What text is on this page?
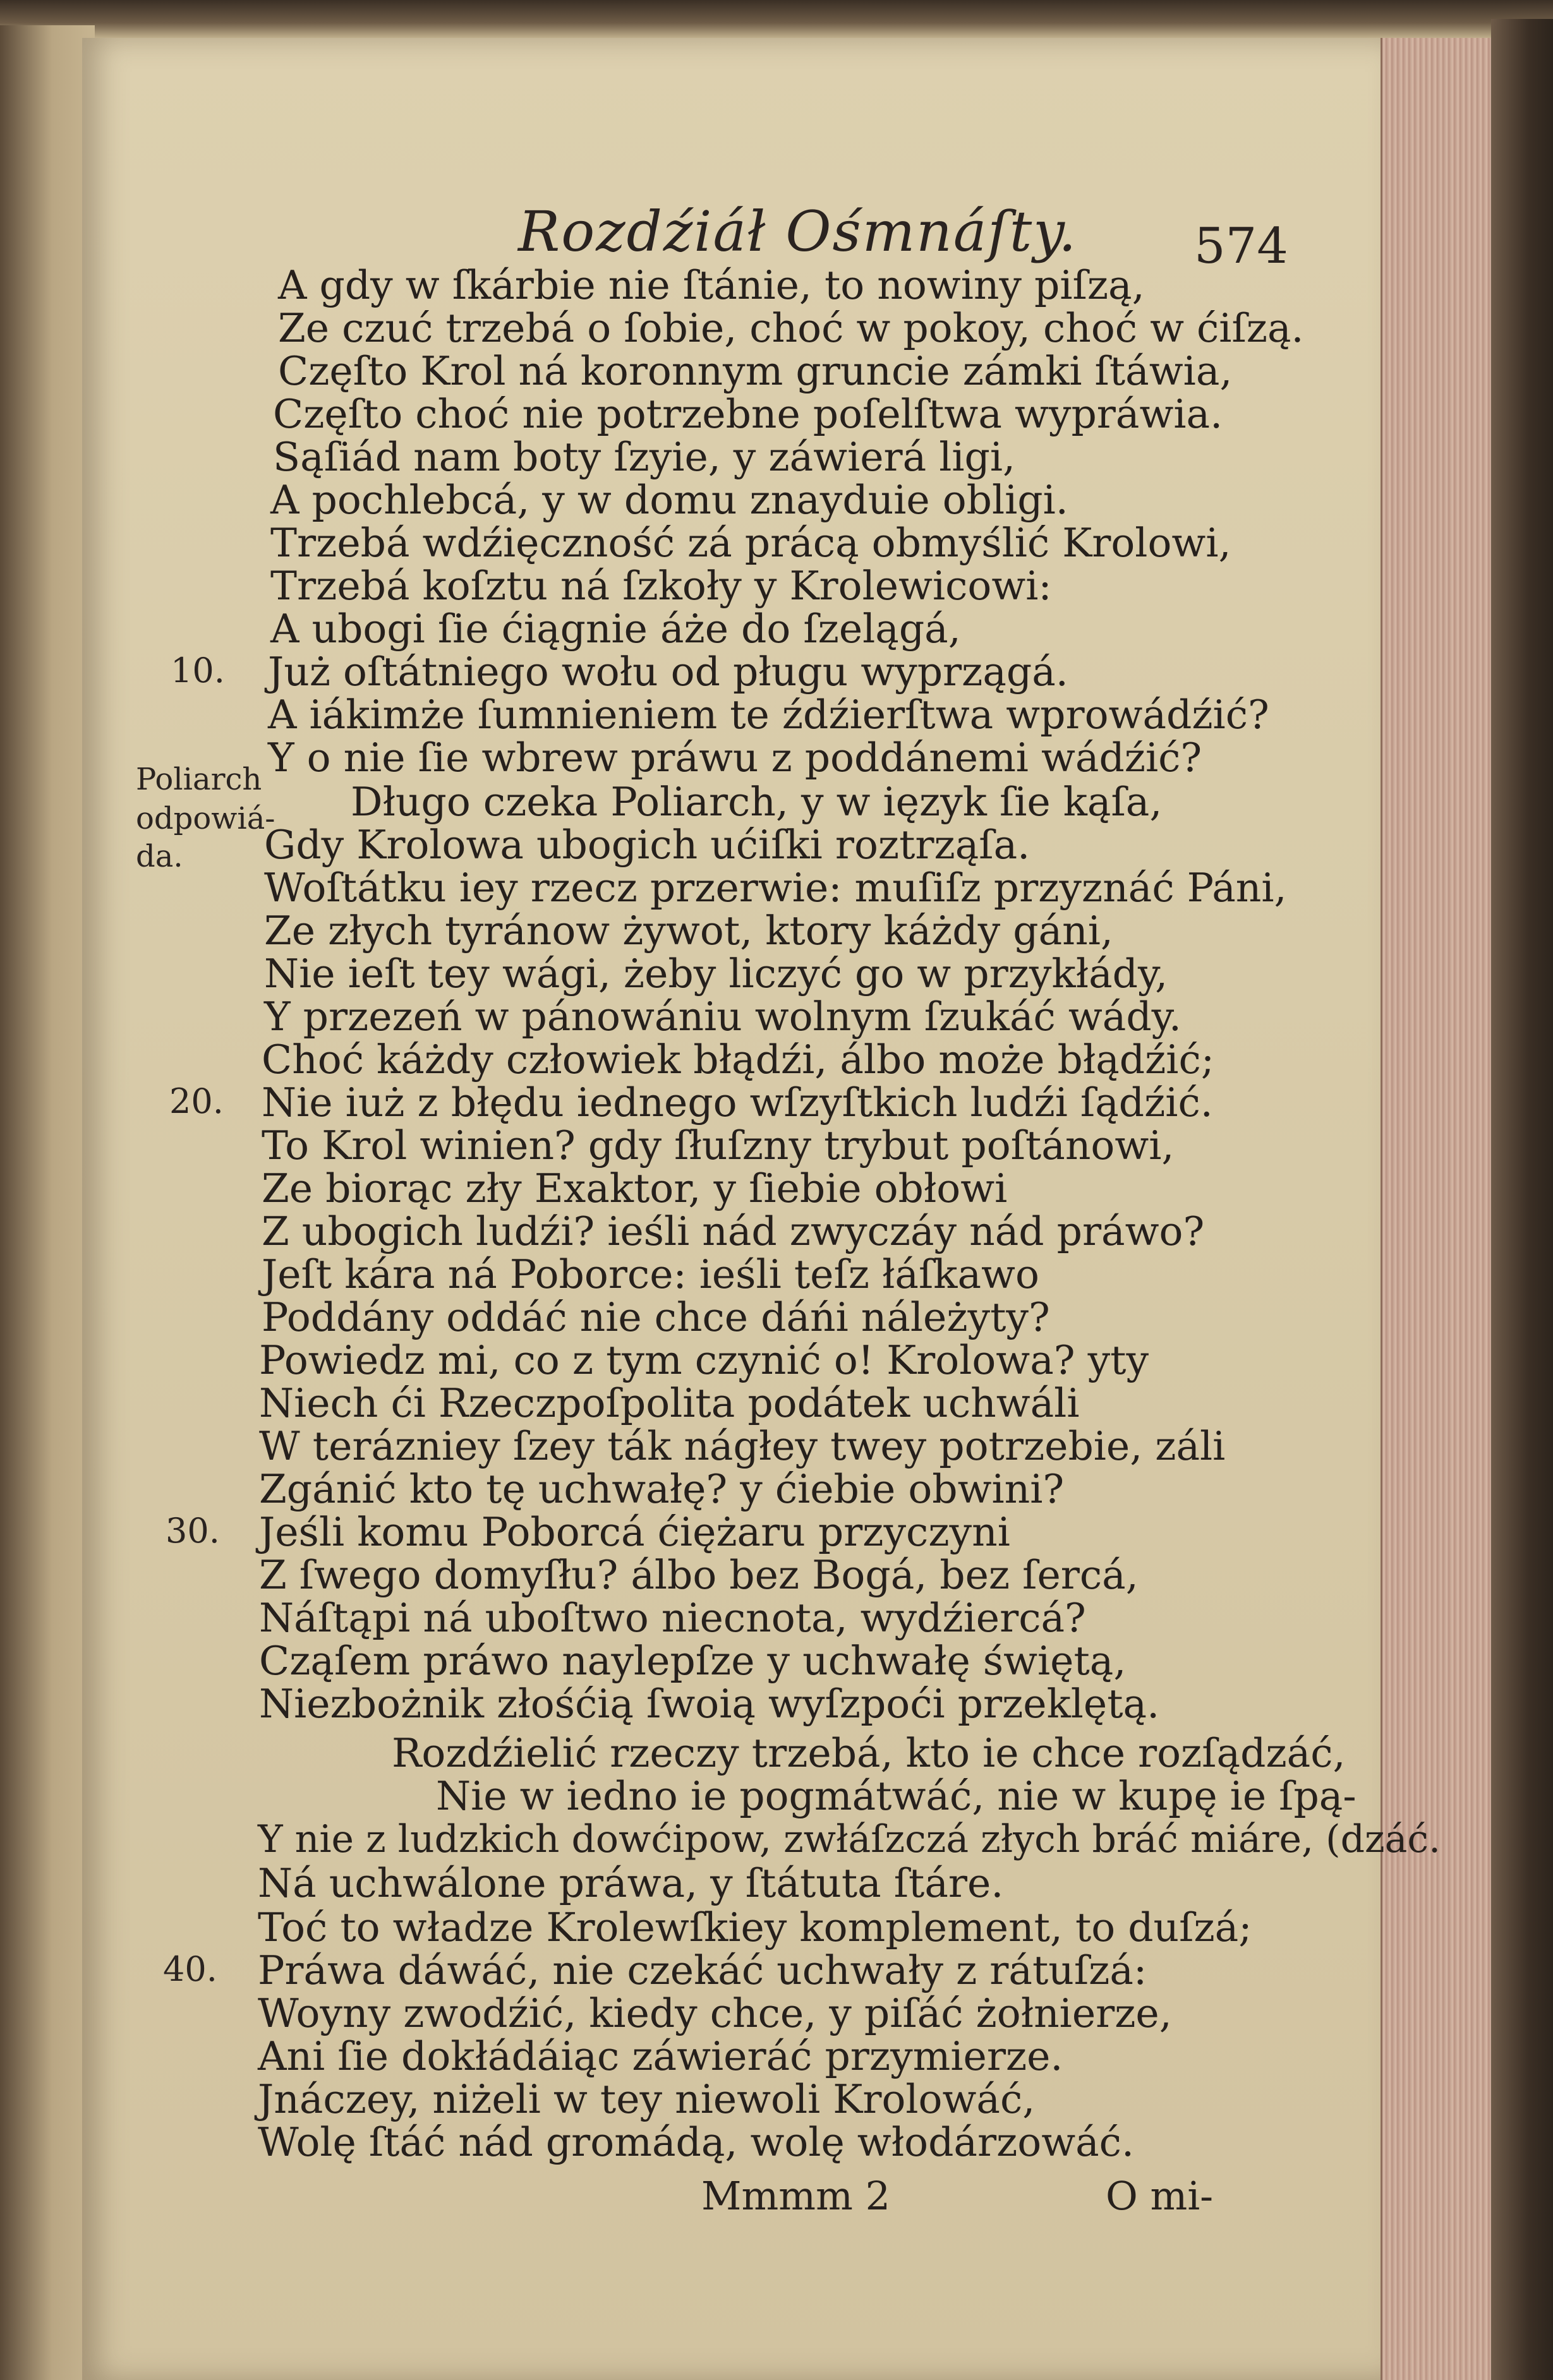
Rozdźiáł Ośmnáſty. 574
A gdy w ſkárbie nie ſtánie, to nowiny piſzą,
Ze czuć trzebá o ſobie, choć w pokoy, choć w ćiſzą.
Częſto Krol ná koronnym gruncie zámki ſtáwia,
Częſto choć nie potrzebne poſelſtwa wypráwia.
Sąſiád nam boty ſzyie, y záwierá ligi,
A pochlebcá, y w domu znayduie obligi.
Trzebá wdźięczność zá prácą obmyślić Krolowi,
Trzebá koſztu ná ſzkoły y Krolewicowi:
A ubogi ſie ćiągnie áże do ſzelągá,
Już oſtátniego wołu od pługu wyprzągá.
A iákimże ſumnieniem te źdźierſtwa wprowádźić?
Y o nie ſie wbrew práwu z poddánemi wádźić?
Długo czeka Poliarch, y w ięzyk ſie kąſa,
Gdy Krolowa ubogich ućiſki roztrząſa.
Woſtátku iey rzecz przerwie: muſiſz przyznáć Páni,
Ze złych tyránow żywot, ktory káżdy gáni,
Nie ieſt tey wági, żeby liczyć go w przykłády,
Y przezeń w pánowániu wolnym ſzukáć wády.
Choć káżdy człowiek błądźi, álbo może błądźić;
Nie iuż z błędu iednego wſzyſtkich ludźi ſądźić.
To Krol winien? gdy ſłuſzny trybut poſtánowi,
Ze biorąc zły Exaktor, y ſiebie obłowi
Z ubogich ludźi? ieśli nád zwyczáy nád práwo?
Jeſt kára ná Poborce: ieśli teſz łáſkawo
Poddány oddáć nie chce dáńi náleżyty?
Powiedz mi, co z tym czynić o! Krolowa? yty
Niech ći Rzeczpoſpolita podátek uchwáli
W terázniey ſzey ták nágłey twey potrzebie, záli
Zgánić kto tę uchwałę? y ćiebie obwini?
Jeśli komu Poborcá ćiężaru przyczyni
Z ſwego domyſłu? álbo bez Bogá, bez ſercá,
Náſtąpi ná uboſtwo niecnota, wydźiercá?
Cząſem práwo naylepſze y uchwałę świętą,
Niezbożnik złośćią ſwoią wyſzpoći przeklętą.
Rozdźielić rzeczy trzebá, kto ie chce rozſądzáć,
Nie w iedno ie pogmátwáć, nie w kupę ie ſpą-
Y nie z ludzkich dowćipow, zwłáſzczá złych bráć miáre, (dzáć.
Ná uchwálone práwa, y ſtátuta ſtáre.
Toć to władze Krolewſkiey komplement, to duſzá;
Práwa dáwáć, nie czekáć uchwały z rátuſzá:
Woyny zwodźić, kiedy chce, y piſáć żołnierze,
Ani ſie dokłádáiąc záwieráć przymierze.
Jnáczey, niżeli w tey niewoli Krolowáć,
Wolę ſtáć nád gromádą, wolę włodárzowáć.
10.
20.
30.
40.
Poliarch
odpowiá-
da.
Mmmm 2	O mi-
